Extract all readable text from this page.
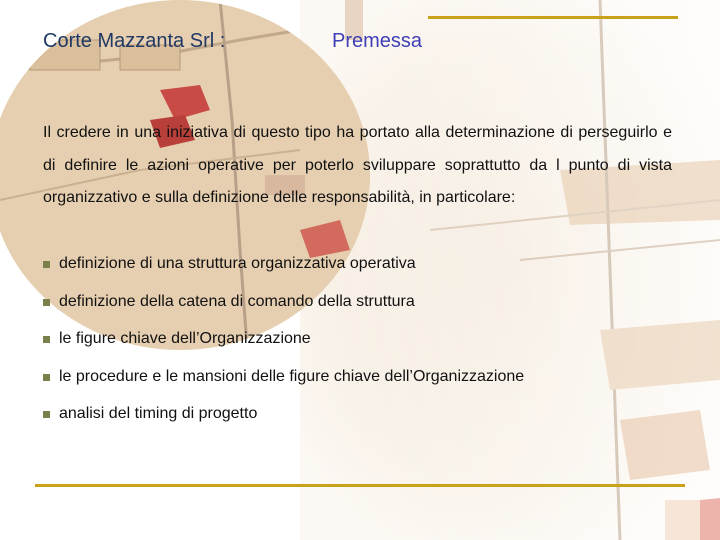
Corte Mazzanta Srl :	Premessa

Il credere in una iniziativa di questo tipo ha portato alla determinazione di perseguirlo e di definire le azioni operative per poterlo sviluppare soprattutto da l punto di vista organizzativo e sulla definizione delle responsabilità, in particolare:

definizione di una struttura organizzativa operativa
definizione della catena di comando della struttura
le figure chiave dell’Organizzazione
le procedure e le mansioni delle figure chiave dell’Organizzazione
analisi del timing di progetto
